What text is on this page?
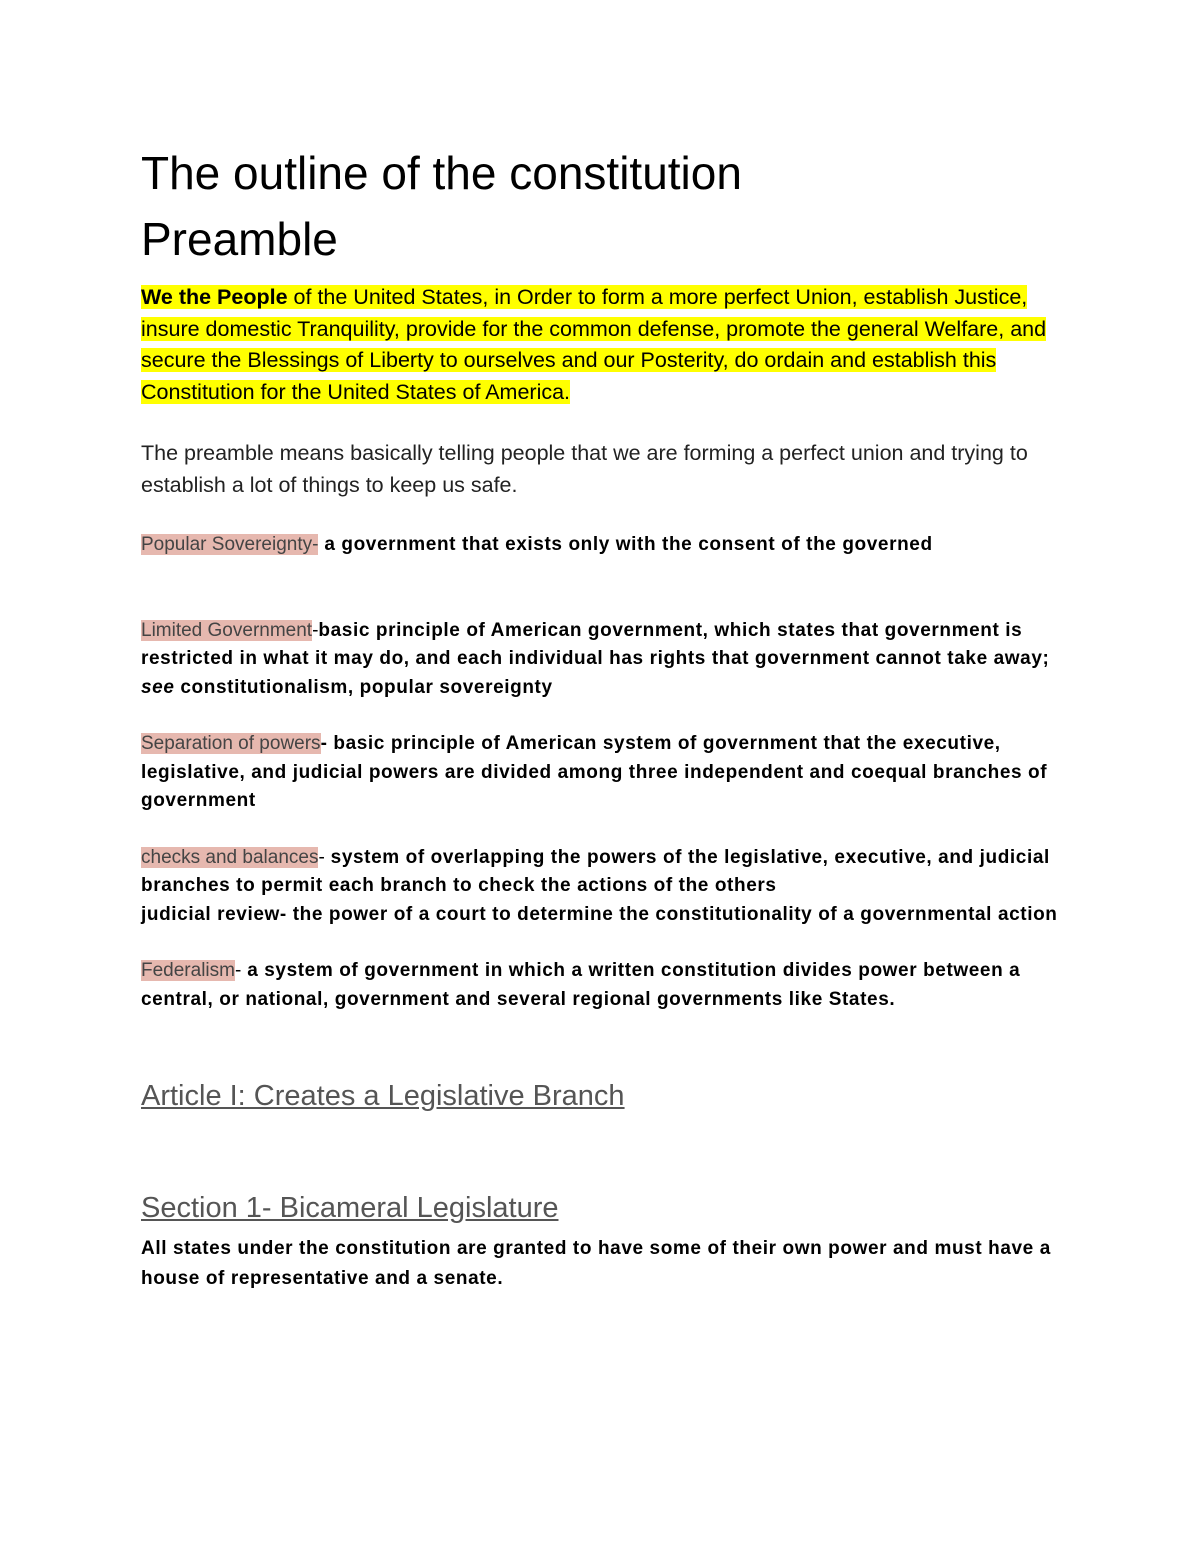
The outline of the constitution
Preamble

We the People of the United States, in Order to form a more perfect Union, establish Justice, insure domestic Tranquility, provide for the common defense, promote the general Welfare, and secure the Blessings of Liberty to ourselves and our Posterity, do ordain and establish this Constitution for the United States of America.

The preamble means basically telling people that we are forming a perfect union and trying to establish a lot of things to keep us safe.

Popular Sovereignty- a government that exists only with the consent of the governed

Limited Government-basic principle of American government, which states that government is restricted in what it may do, and each individual has rights that government cannot take away; see constitutionalism, popular sovereignty

Separation of powers- basic principle of American system of government that the executive, legislative, and judicial powers are divided among three independent and coequal branches of government

checks and balances- system of overlapping the powers of the legislative, executive, and judicial branches to permit each branch to check the actions of the others

judicial review- the power of a court to determine the constitutionality of a governmental action

Federalism- a system of government in which a written constitution divides power between a central, or national, government and several regional governments like States.

Article I: Creates a Legislative Branch
Section 1- Bicameral Legislature

All states under the constitution are granted to have some of their own power and must have a house of representative and a senate.
